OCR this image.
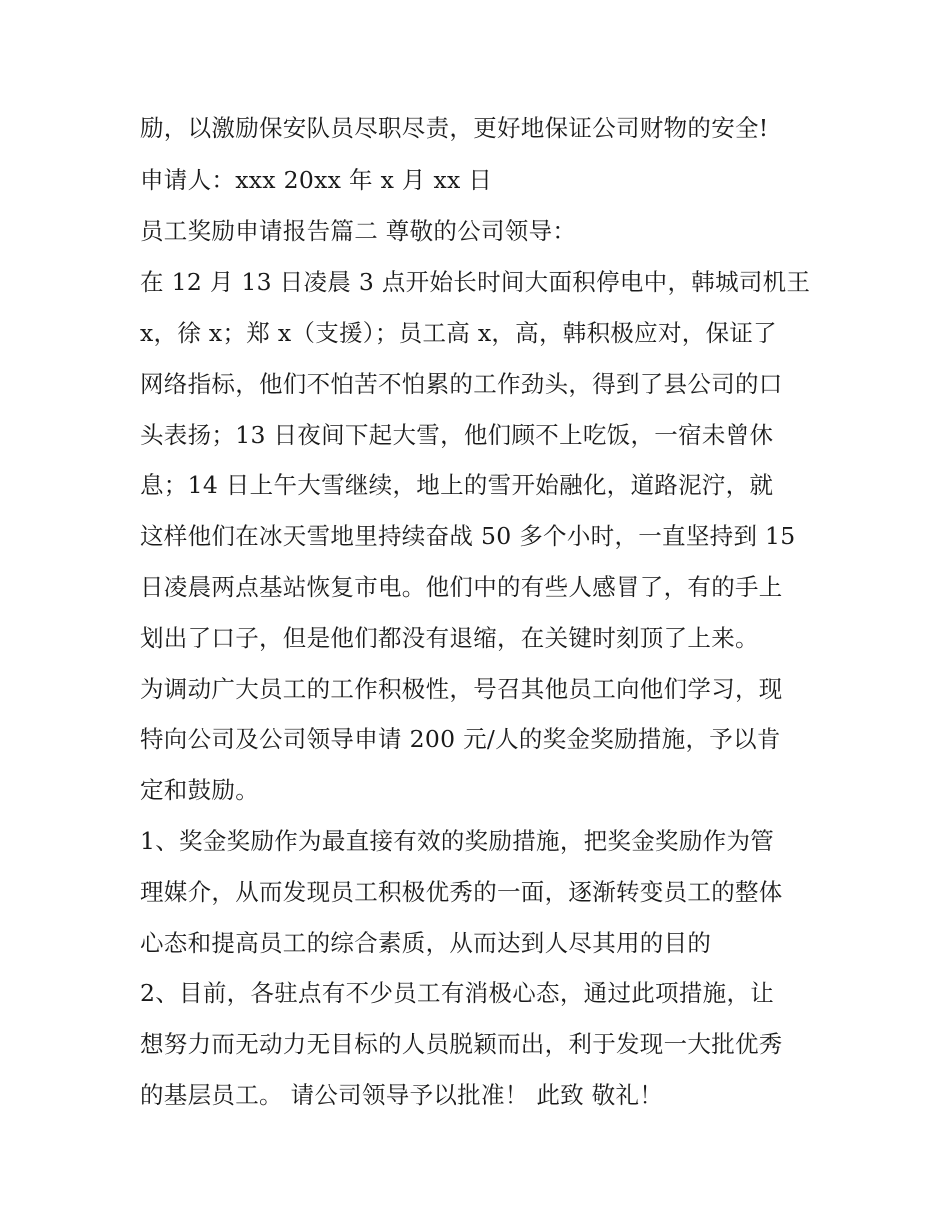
励，以激励保安队员尽职尽责，更好地保证公司财物的安全!
申请人：xxx 20xx 年 x 月 xx 日
员工奖励申请报告篇二 尊敬的公司领导：
在 12 月 13 日凌晨 3 点开始长时间大面积停电中，韩城司机王
x，徐 x；郑 x（支援）；员工高 x，高，韩积极应对，保证了
网络指标，他们不怕苦不怕累的工作劲头，得到了县公司的口
头表扬；13 日夜间下起大雪，他们顾不上吃饭，一宿未曾休
息；14 日上午大雪继续，地上的雪开始融化，道路泥泞，就
这样他们在冰天雪地里持续奋战 50 多个小时，一直坚持到 15
日凌晨两点基站恢复市电。他们中的有些人感冒了，有的手上
划出了口子，但是他们都没有退缩，在关键时刻顶了上来。
为调动广大员工的工作积极性，号召其他员工向他们学习，现
特向公司及公司领导申请 200 元/人的奖金奖励措施，予以肯
定和鼓励。
1、奖金奖励作为最直接有效的奖励措施，把奖金奖励作为管
理媒介，从而发现员工积极优秀的一面，逐渐转变员工的整体
心态和提高员工的综合素质，从而达到人尽其用的目的
2、目前，各驻点有不少员工有消极心态，通过此项措施，让
想努力而无动力无目标的人员脱颖而出，利于发现一大批优秀
的基层员工。 请公司领导予以批准！ 此致 敬礼！
